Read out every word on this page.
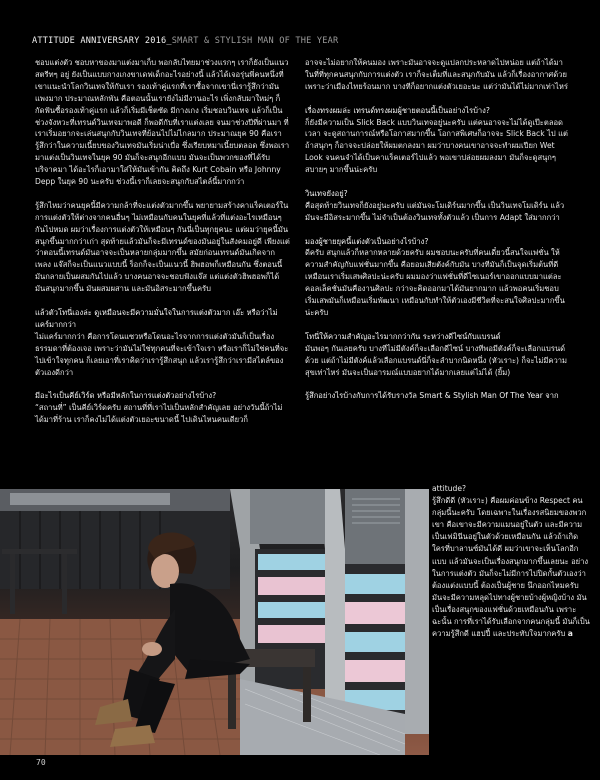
ATTITUDE ANNIVERSARY 2016_SMART & STYLISH MAN OF THE YEAR

ชอบแต่งตัว ชอบหาของมาแต่งมาเก็บ พอกลับไทยมาช่วงแรกๆ เราก็ยังเป็นแนวสตรีทๆ อยู่ ยังเป็นแบบกางเกงขาเดฟเด็กอะไรอย่างนี้ แล้วได้เจอรุ่นพี่คนหนึ่งที่เขาแนะนำโลกวินเทจให้กับเรา รองเท้าคู่แรกที่เราซื้อจากเขานี่เรารู้สึกว่ามันแพงมาก ประมาณหลักพัน คือตอนนั้นเรายังไม่มีงานอะไร เพิ่งกลับมาใหม่ๆ ก็กัดฟันซื้อรองเท้าคู่แรก แล้วก็เริ่มมีเช็ตซัด มีกางเกง เริ่มชอบวินเทจ แล้วก็เป็นช่วงจังหวะที่เทรนด์วินเทจมาพอดี ก็พอดีกับที่เราแต่งเลย จนมาช่วงปีที่ผ่านมา ที่เราเริ่มอยากจะเล่นสนุกกับวินเทจที่ย้อนไปไม่ไกลมาก ประมาณยุค 90 คือเรารู้สึกว่าในความเนี้ยบของวินเทจมันเริ่มน่าเบื่อ ซึ่งเรียบหมาเนี้ยบตลอด ซึ่งพอเรามาแต่งเป็นวินเทจในยุค 90 มันก็จะสนุกอีกแบบ มันจะเป็นพวกของที่ได้รับบริจาคมา ได้อะไรก็เอามาใส่ให้มันเข้ากัน คิดถึง Kurt Cobain หรือ Johnny Depp ในยุค 90 นะครับ ช่วงนี้เราก็เลยจะสนุกกับสไตล์นี้มากกว่า

รู้สึกไหมว่าคนยุคนี้มีความกล้าที่จะแต่งตัวมากขึ้น พยายามสร้างคาแร็คเตอร์ในการแต่งตัวให้ต่างจากคนอื่นๆ ไม่เหมือนกับคนในยุคที่แล้วที่แต่งอะไรเหมือนๆ กันไปหมด ผมว่าเรื่องการแต่งตัวให้เหมือนๆ กันนี่เป็นทุกยุคนะ แต่ผมว่ายุคนี้มันสนุกขึ้นมากกว่าเก่า สุดท้ายแล้วมันก็จะมีเทรนด์ของมันอยู่ในสังคมอยู่ดี เพียงแต่ว่าตอนนี้เทรนด์มันอาจจะเป็นหลายกลุ่มมากขึ้น สมัยก่อนเทรนด์มันเกิดจากเพลง แจ๊สก็จะเป็นแนวแบบนี้ ร็อกก็จะเป็นแนวนี้ ฮิพฮอพก็เหมือนกัน ซึ่งตอนนี้มันกลายเป็นผสมกันไปแล้ว บางคนอาจจะชอบฟังแจ๊ส แต่แต่งตัวฮิพฮอพก็ได้ มันสนุกมากขึ้น มันผสมผสาน และมันอิสระมากขึ้นครับ

แล้วตัวโทนี่เองล่ะ ดูเหมือนจะมีความมั่นใจในการแต่งตัวมาก เอ๊ะ หรือว่าไม่แคร์มากกว่า

ไม่แคร์มากกว่า คือการโดนแซวหรือโดนอะไรจากการแต่งตัวมันก็เป็นเรื่องธรรมดาที่ต้องเจอ เพราะว่ามันไม่ใช่ทุกคนที่จะเข้าใจเรา หรือเราก็ไม่ใช่คนที่จะไปเข้าใจทุกคน ก็เลยเอาที่เราคิดว่าเรารู้สึกสนุก แล้วเรารู้สึกว่าเรามีสไตล์ของตัวเองดีกว่า

มีอะไรเป็นคีย์เวิร์ด หรือมีหลักในการแต่งตัวอย่างไรบ้าง?

“สถานที่” เป็นคีย์เวิร์ดครับ สถานที่ที่เราไปเป็นหลักสำคัญเลย อย่างวันนี้ถ้าไม่ได้มาที่ร้าน เราก็คงไม่ได้แต่งตัวเยอะขนาดนี้ ไปเดินไหนคนเดียวก็

อาจจะไม่อยากให้คนมอง เพราะมันอาจจะดูแปลกประหลาดไปหน่อย แต่ถ้าได้มาในที่ที่ทุกคนสนุกกับการแต่งตัว เราก็จะเต็มที่และสนุกกับมัน แล้วก็เรื่องอากาศด้วย เพราะว่าเมืองไทยร้อนมาก บางทีก็อยากแต่งตัวเยอะนะ แต่ว่ามันได้ไม่มากเท่าไหร่

เรื่องทรงผมล่ะ เทรนด์ทรงผมผู้ชายตอนนี้เป็นอย่างไรบ้าง?

ก็ยังมีความเป็น Slick Back แบบวินเทจอยู่นะครับ แต่คนอาจจะไม่ได้ดูเป๊ะตลอดเวลา จะดูสถานการณ์หรือโอกาสมากขึ้น โอกาสพิเศษก็อาจจะ Slick Back ไป แต่ถ้าสนุกๆ ก็อาจจะปล่อยให้ผมตกลงมา ผมว่าบางคนเขาอาจจะทำผมเปียก Wet Look จนคนจำได้เป็นคาแร็คเตอร์ไปแล้ว พอเขาปล่อยผมลงมา มันก็จะดูสนุกๆ สบายๆ มากขึ้นน่ะครับ

วินเทจยังอยู่?

คือสุดท้ายวินเทจก็ยังอยู่นะครับ แต่มันจะโมเดิร์นมากขึ้น เป็นวินเทจโมเดิร์น แล้วมันจะมีอิสระมากขึ้น ไม่จำเป็นต้องวินเทจทั้งตัวแล้ว เป็นการ Adapt ใส่มากกว่า

มองผู้ชายยุคนี้แต่งตัวเป็นอย่างไรบ้าง?

ดีครับ สนุกแล้วก็หลากหลายด้วยครับ ผมชอบนะครับที่คนเดี๋ยวนี้สนใจแฟชั่น ให้ความสำคัญกับแฟชั่นมากขึ้น คือยอมเสียตังค์กับมัน บางทีมันก็เป็นจุดเริ่มต้นที่ดี เหมือนเราเริ่มเสพศิลปะน่ะครับ ผมมองว่าแฟชั่นที่ดีไซเนอร์เขาออกแบบมาแต่ละคอลเล็คชั่นมันคืองานศิลปะ กว่าจะคิดออกมาได้มันยากมาก แล้วพอคนเริ่มชอบเริ่มเสพมันก็เหมือนเริ่มพัฒนา เหมือนกับทำให้ตัวเองมีชีวิตที่จะสนใจศิลปะมากขึ้นน่ะครับ

โทนี่ให้ความสำคัญอะไรมากกว่ากัน ระหว่างดีไซน์กับแบรนด์

มันพอๆ กันเลยครับ บางทีไม่มีตังค์ก็จะเลือกดีไซน์ บางทีพอมีตังค์ก็จะเลือกแบรนด์ด้วย แต่ถ้าไม่มีตังค์แล้วเลือกแบรนด์นี่ก็จะลำบากนิดหนึ่ง (หัวเราะ) ก็จะไม่มีความสุขเท่าไหร่ มันจะเป็นอารมณ์แบบอยากได้มากเลยแต่ไม่ได้ (ยิ้ม)

รู้สึกอย่างไรบ้างกับการได้รับรางวัล Smart & Stylish Man Of The Year จาก

attitude?
รู้สึกดีดี (หัวเราะ) คือผมค่อนข้าง Respect คนกลุ่มนี้นะครับ โดยเฉพาะในเรื่องรสนิยมของพวกเขา คือเขาจะมีความแมนอยู่ในตัว และมีความเป็นเฟมินีนอยู่ในตัวด้วยเหมือนกัน แล้วถ้าเกิดใครที่บาลานซ์มันได้ดี ผมว่าเขาจะเห็นโลกอีกแบบ แล้วมันจะเป็นเรื่องสนุกมากขึ้นเลยนะ อย่างในการแต่งตัว มันก็จะไม่มีการไปปิดกั้นตัวเองว่า ต้องแต่งแบบนี้ ต้องเป็นผู้ชาย นึกออกไหมครับ มันจะมีความหลุดไปทางผู้ชายบ้างผู้หญิงบ้าง มันเป็นเรื่องสนุกของแฟชั่นด้วยเหมือนกัน เพราะฉะนั้น การที่เราได้รับเลือกจากคนกลุ่มนี้ มันก็เป็นความรู้สึกดี แฮปปี้ และประทับใจมากครับ a
70
